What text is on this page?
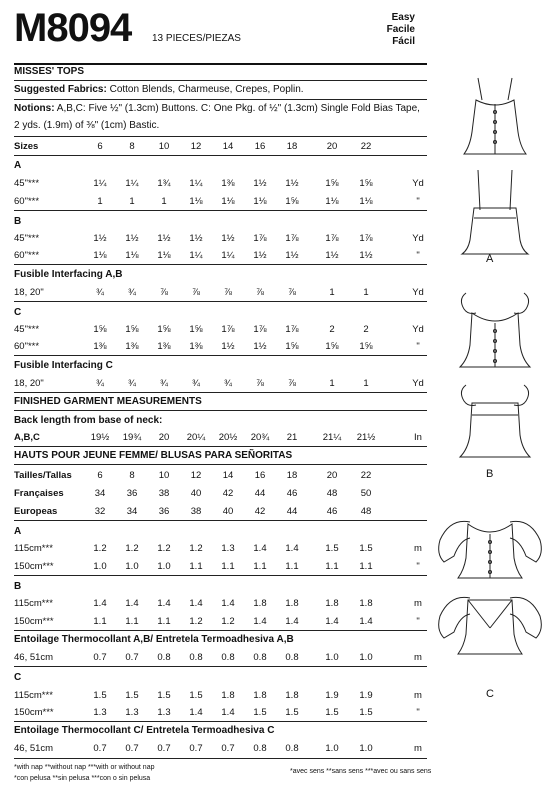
M8094 13 PIECES/PIEZAS
Easy
Facile
Fácil
MISSES' TOPS
Suggested Fabrics: Cotton Blends, Charmeuse, Crepes, Poplin.
Notions: A,B,C: Five ½" (1.3cm) Buttons. C: One Pkg. of ½" (1.3cm) Single Fold Bias Tape,
2 yds. (1.9m) of ⅜" (1cm) Bastic.
Sizes	6	8	10	12	14	16	18	20	22
A
45"***	1¼	1¼	1¾	1¼	1⅜	1½	1½	1⅝	1⅝	Yd
60"***	1	1	1	1⅛	1⅛	1⅛	1⅝	1⅛	1⅛	"
B
45"***	1½	1½	1½	1½	1½	1⅞	1⅞	1⅞	1⅞	Yd
60"***	1⅛	1⅛	1⅛	1¼	1¼	1½	1½	1½	1½	"
Fusible Interfacing A,B
18, 20"	¾	¾	⅞	⅞	⅞	⅞	⅞	1	1	Yd
C
45"***	1⅝	1⅝	1⅝	1⅝	1⅞	1⅞	1⅞	2	2	Yd
60"***	1⅜	1⅜	1⅜	1⅜	1½	1½	1⅝	1⅝	1⅝	"
Fusible Interfacing C
18, 20"	¾	¾	¾	¾	¾	⅞	⅞	1	1	Yd
FINISHED GARMENT MEASUREMENTS
Back length from base of neck:
A,B,C	19½	19¾	20	20¼	20½	20¾	21	21¼	21½	In
HAUTS POUR JEUNE FEMME/ BLUSAS PARA SEÑORITAS
Tailles/Tallas	6	8	10	12	14	16	18	20	22
Françaises	34	36	38	40	42	44	46	48	50
Europeas	32	34	36	38	40	42	44	46	48
A
115cm***	1.2	1.2	1.2	1.2	1.3	1.4	1.4	1.5	1.5	m
150cm***	1.0	1.0	1.0	1.1	1.1	1.1	1.1	1.1	1.1	"
B
115cm***	1.4	1.4	1.4	1.4	1.4	1.8	1.8	1.8	1.8	m
150cm***	1.1	1.1	1.1	1.2	1.2	1.4	1.4	1.4	1.4	"
Entoilage Thermocollant A,B/ Entretela Termoadhesiva A,B
46, 51cm	0.7	0.7	0.8	0.8	0.8	0.8	0.8	1.0	1.0	m
C
115cm***	1.5	1.5	1.5	1.5	1.8	1.8	1.8	1.9	1.9	m
150cm***	1.3	1.3	1.3	1.4	1.4	1.5	1.5	1.5	1.5	"
Entoilage Thermocollant C/ Entretela Termoadhesiva C
46, 51cm	0.7	0.7	0.7	0.7	0.7	0.8	0.8	1.0	1.0	m
*with nap **without nap ***with or without nap
*con pelusa **sin pelusa ***con o sin pelusa
*avec sens **sans sens ***avec ou sans sens
A
B
C
